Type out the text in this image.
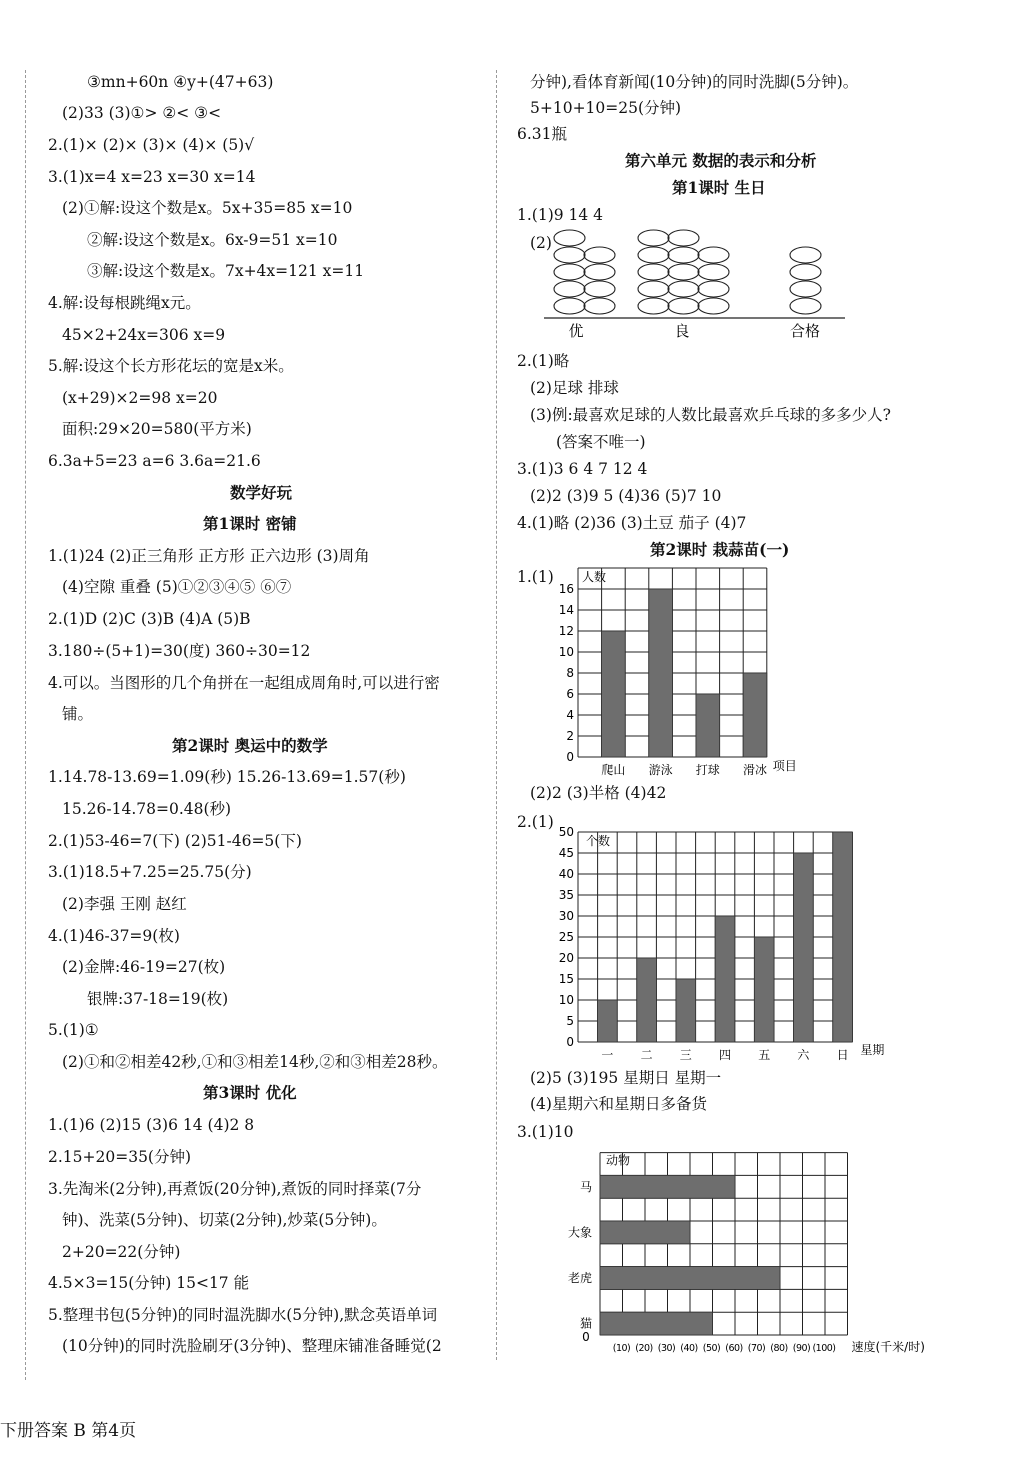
③mn+60n ④y+(47+63)
(2)33 (3)①> ②< ③<
2.(1)× (2)× (3)× (4)× (5)√
3.(1)x=4 x=23 x=30 x=14
(2)①解:设这个数是x。5x+35=85 x=10
②解:设这个数是x。6x-9=51 x=10
③解:设这个数是x。7x+4x=121 x=11
4.解:设每根跳绳x元。
45×2+24x=306 x=9
5.解:设这个长方形花坛的宽是x米。
(x+29)×2=98 x=20
面积:29×20=580(平方米)
6.3a+5=23 a=6 3.6a=21.6
数学好玩
第1课时 密铺
1.(1)24 (2)正三角形 正方形 正六边形 (3)周角
(4)空隙 重叠 (5)①②③④⑤ ⑥⑦
2.(1)D (2)C (3)B (4)A (5)B
3.180÷(5+1)=30(度) 360÷30=12
4.可以。当图形的几个角拼在一起组成周角时,可以进行密
铺。
第2课时 奥运中的数学
1.14.78-13.69=1.09(秒) 15.26-13.69=1.57(秒)
15.26-14.78=0.48(秒)
2.(1)53-46=7(下) (2)51-46=5(下)
3.(1)18.5+7.25=25.75(分)
(2)李强 王刚 赵红
4.(1)46-37=9(枚)
(2)金牌:46-19=27(枚)
银牌:37-18=19(枚)
5.(1)①
(2)①和②相差42秒,①和③相差14秒,②和③相差28秒。
第3课时 优化
1.(1)6 (2)15 (3)6 14 (4)2 8
2.15+20=35(分钟)
3.先淘米(2分钟),再煮饭(20分钟),煮饭的同时择菜(7分
钟)、洗菜(5分钟)、切菜(2分钟),炒菜(5分钟)。
2+20=22(分钟)
4.5×3=15(分钟) 15<17 能
5.整理书包(5分钟)的同时温洗脚水(5分钟),默念英语单词
(10分钟)的同时洗脸刷牙(3分钟)、整理床铺准备睡觉(2
分钟),看体育新闻(10分钟)的同时洗脚(5分钟)。
5+10+10=25(分钟)
6.31瓶
第六单元 数据的表示和分析
第1课时 生日
1.(1)9 14 4
(2)
2.(1)略
(2)足球 排球
(3)例:最喜欢足球的人数比最喜欢乒乓球的多多少人?
(答案不唯一)
3.(1)3 6 4 7 12 4
(2)2 (3)9 5 (4)36 (5)7 10
4.(1)略 (2)36 (3)土豆 茄子 (4)7
第2课时 栽蒜苗(一)
1.(1)
(2)2 (3)半格 (4)42
2.(1)
(2)5 (3)195 星期日 星期一
(4)星期六和星期日多备货
3.(1)10
优	良	合格
16
14
12
10
8
6
4
2
0
爬山 游泳 打球 滑冰
人数
项目
50
45
40
35
30
25
20
15
10
5
0
一 二 三 四 五 六 日
个数
星期
动物
马
大象
老虎
猫
0
(10) (20) (30) (40) (50) (60) (70) (80) (90) (100) 速度(千米/时)
下册答案 B 第4页
